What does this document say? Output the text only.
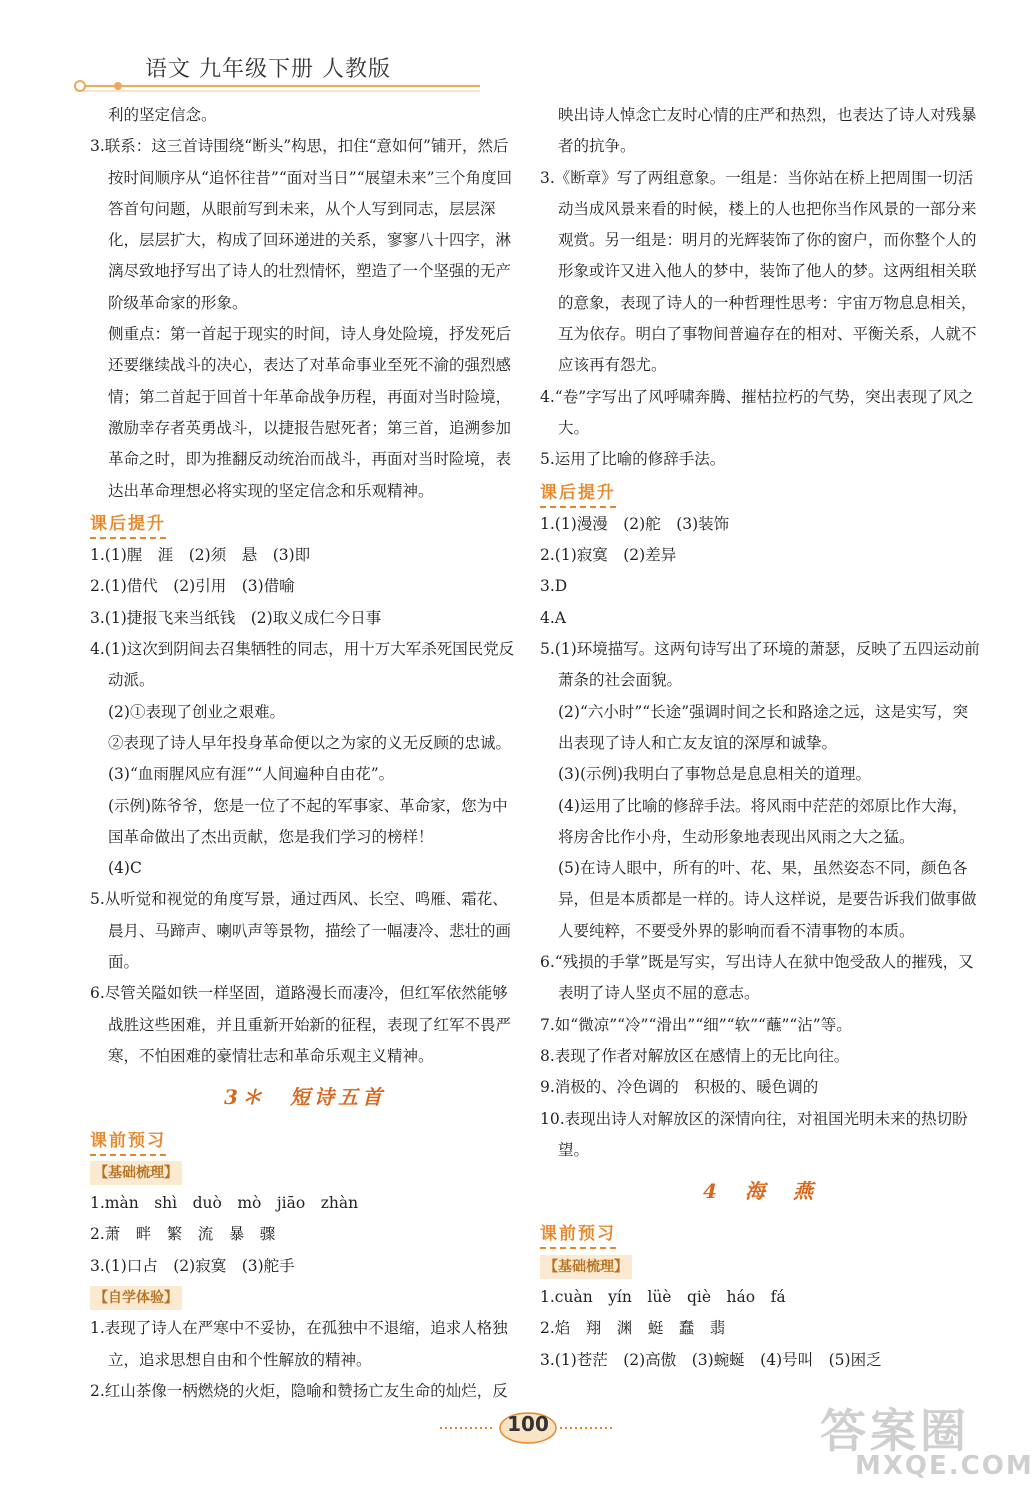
语文 九年级下册 人教版

利的坚定信念。

3.联系：这三首诗围绕“断头”构思，扣住“意如何”铺开，然后按时间顺序从“追怀往昔”“面对当日”“展望未来”三个角度回答首句问题，从眼前写到未来，从个人写到同志，层层深化，层层扩大，构成了回环递进的关系，寥寥八十四字，淋漓尽致地抒写出了诗人的壮烈情怀，塑造了一个坚强的无产阶级革命家的形象。

侧重点：第一首起于现实的时间，诗人身处险境，抒发死后还要继续战斗的决心，表达了对革命事业至死不渝的强烈感情；第二首起于回首十年革命战争历程，再面对当时险境，激励幸存者英勇战斗，以捷报告慰死者；第三首，追溯参加革命之时，即为推翻反动统治而战斗，再面对当时险境，表达出革命理想必将实现的坚定信念和乐观精神。

课后提升

1.(1)腥　涯　(2)须　悬　(3)即

2.(1)借代　(2)引用　(3)借喻

3.(1)捷报飞来当纸钱　(2)取义成仁今日事

4.(1)这次到阴间去召集牺牲的同志，用十万大军杀死国民党反动派。

(2)①表现了创业之艰难。

②表现了诗人早年投身革命便以之为家的义无反顾的忠诚。

(3)“血雨腥风应有涯”“人间遍种自由花”。

(示例)陈爷爷，您是一位了不起的军事家、革命家，您为中国革命做出了杰出贡献，您是我们学习的榜样！

(4)C

5.从听觉和视觉的角度写景，通过西风、长空、鸣雁、霜花、晨月、马蹄声、喇叭声等景物，描绘了一幅凄冷、悲壮的画面。

6.尽管关隘如铁一样坚固，道路漫长而凄冷，但红军依然能够战胜这些困难，并且重新开始新的征程，表现了红军不畏严寒，不怕困难的豪情壮志和革命乐观主义精神。

3＊　短诗五首
课前预习
【基础梳理】

1.màn　shì　duò　mò　jiāo　zhàn

2.萧　畔　繁　流　暴　骤

3.(1)口占　(2)寂寞　(3)舵手

【自学体验】

1.表现了诗人在严寒中不妥协，在孤独中不退缩，追求人格独立，追求思想自由和个性解放的精神。

2.红山茶像一柄燃烧的火炬，隐喻和赞扬亡友生命的灿烂，反

映出诗人悼念亡友时心情的庄严和热烈，也表达了诗人对残暴者的抗争。

3.《断章》写了两组意象。一组是：当你站在桥上把周围一切活动当成风景来看的时候，楼上的人也把你当作风景的一部分来观赏。另一组是：明月的光辉装饰了你的窗户，而你整个人的形象或许又进入他人的梦中，装饰了他人的梦。这两组相关联的意象，表现了诗人的一种哲理性思考：宇宙万物息息相关，互为依存。明白了事物间普遍存在的相对、平衡关系，人就不应该再有怨尤。

4.“卷”字写出了风呼啸奔腾、摧枯拉朽的气势，突出表现了风之大。

5.运用了比喻的修辞手法。

课后提升

1.(1)漫漫　(2)舵　(3)装饰

2.(1)寂寞　(2)差异

3.D

4.A

5.(1)环境描写。这两句诗写出了环境的萧瑟，反映了五四运动前萧条的社会面貌。

(2)“六小时”“长途”强调时间之长和路途之远，这是实写，突出表现了诗人和亡友友谊的深厚和诚挚。

(3)(示例)我明白了事物总是息息相关的道理。

(4)运用了比喻的修辞手法。将风雨中茫茫的郊原比作大海，将房舍比作小舟，生动形象地表现出风雨之大之猛。

(5)在诗人眼中，所有的叶、花、果，虽然姿态不同，颜色各异，但是本质都是一样的。诗人这样说，是要告诉我们做事做人要纯粹，不要受外界的影响而看不清事物的本质。

6.“残损的手掌”既是写实，写出诗人在狱中饱受敌人的摧残，又表明了诗人坚贞不屈的意志。

7.如“微凉”“冷”“滑出”“细”“软”“蘸”“沾”等。

8.表现了作者对解放区在感情上的无比向往。

9.消极的、冷色调的　积极的、暖色调的

10.表现出诗人对解放区的深情向往，对祖国光明未来的热切盼望。

4　海　燕
课前预习
【基础梳理】

1.cuàn　yín　lüè　qiè　háo　fá

2.焰　翔　渊　蜓　蠢　翡

3.(1)苍茫　(2)高傲　(3)蜿蜒　(4)号叫　(5)困乏

100	答案圈
MXQE.COM
